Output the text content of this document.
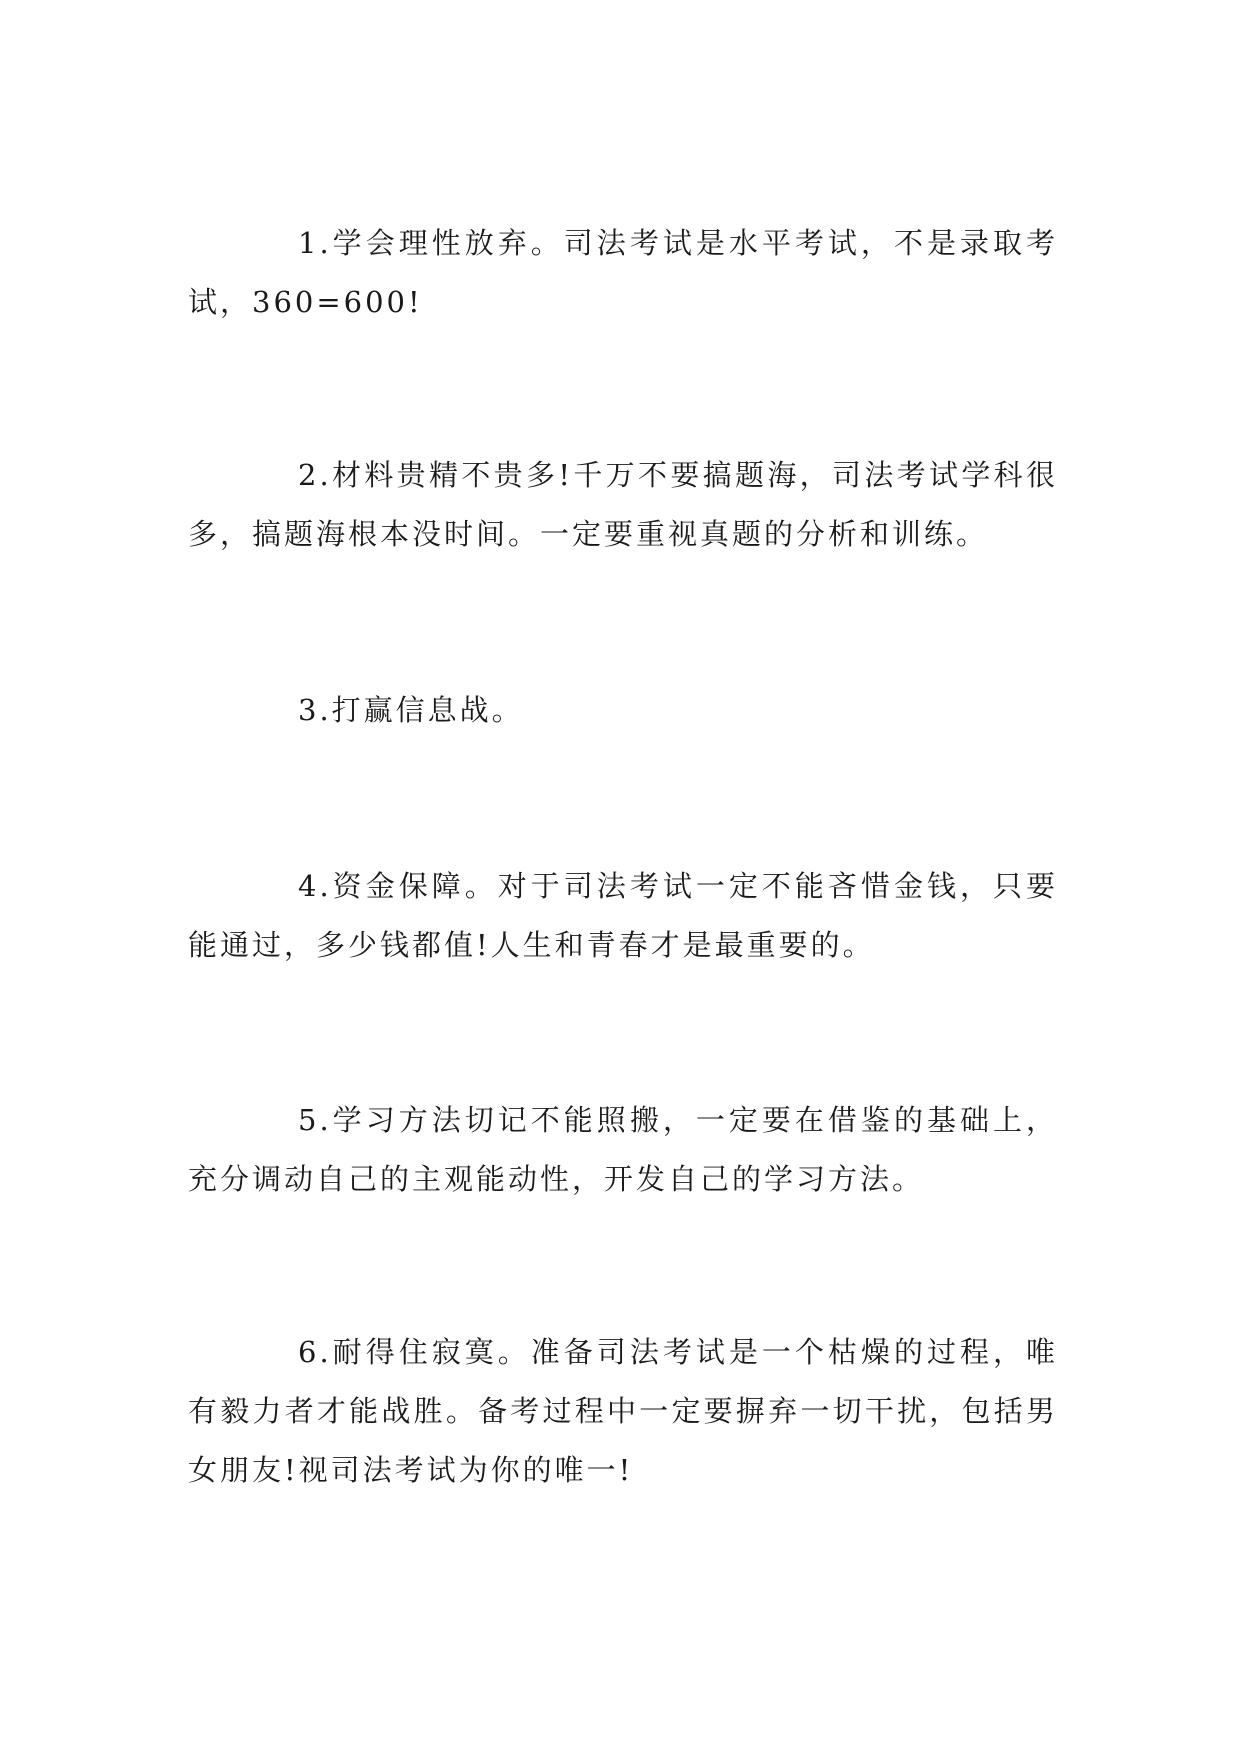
1.学会理性放弃。司法考试是水平考试，不是录取考试，360=600!

2.材料贵精不贵多!千万不要搞题海，司法考试学科很多，搞题海根本没时间。一定要重视真题的分析和训练。

3.打赢信息战。

4.资金保障。对于司法考试一定不能吝惜金钱，只要能通过，多少钱都值!人生和青春才是最重要的。

5.学习方法切记不能照搬，一定要在借鉴的基础上，充分调动自己的主观能动性，开发自己的学习方法。

6.耐得住寂寞。准备司法考试是一个枯燥的过程，唯有毅力者才能战胜。备考过程中一定要摒弃一切干扰，包括男女朋友!视司法考试为你的唯一!
